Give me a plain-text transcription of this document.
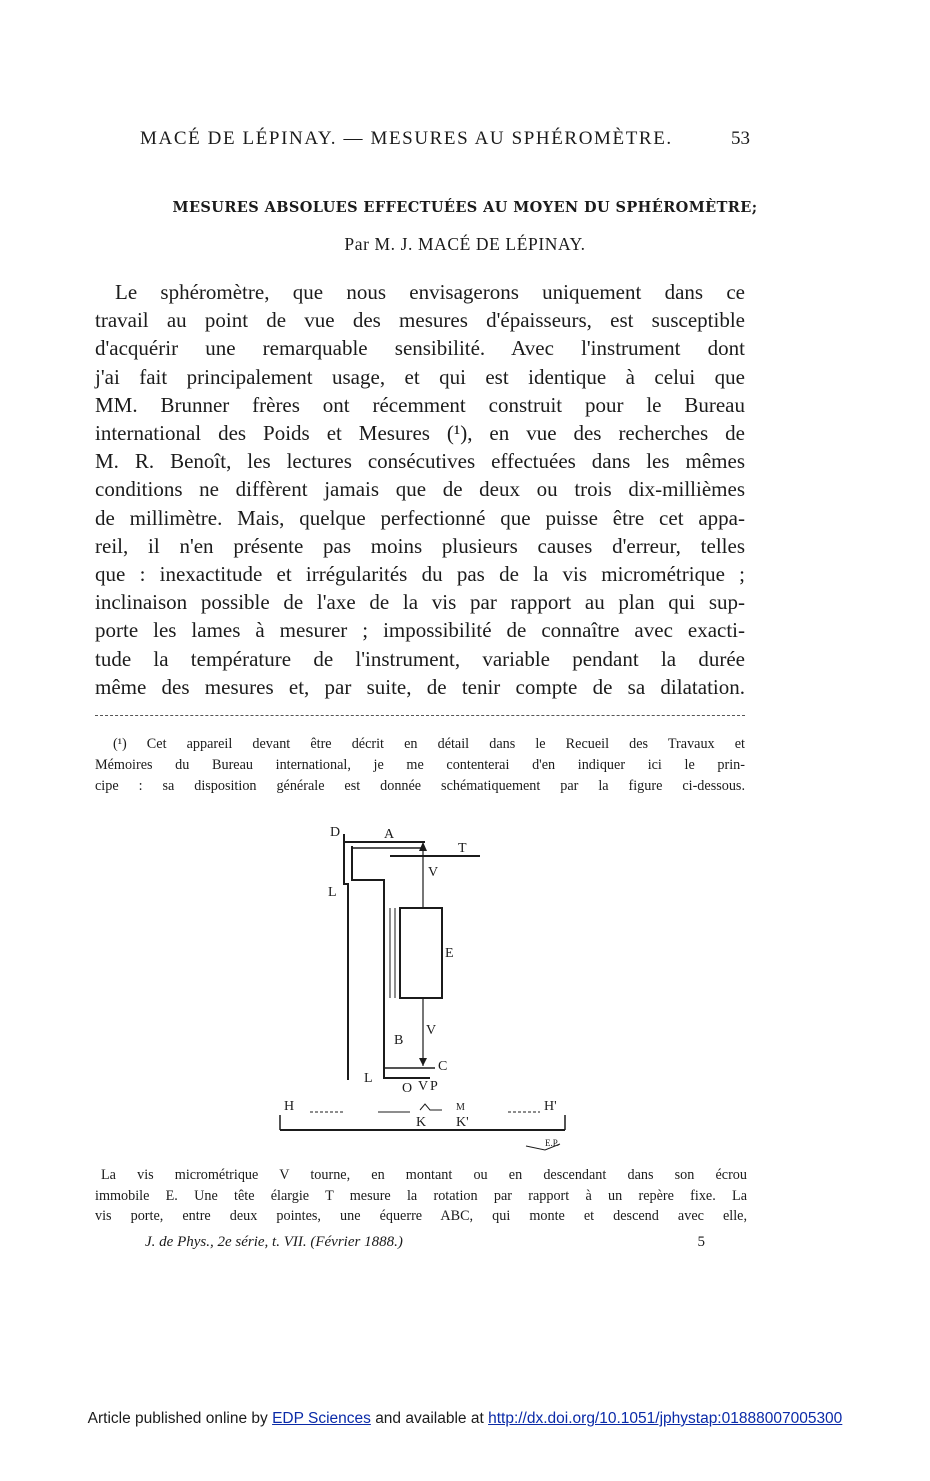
MACÉ DE LÉPINAY. — MESURES AU SPHÉROMÈTRE.	53
MESURES ABSOLUES EFFECTUÉES AU MOYEN DU SPHÉROMÈTRE;
Par M. J. MACÉ DE LÉPINAY.
Le sphéromètre, que nous envisagerons uniquement dans ce
travail au point de vue des mesures d'épaisseurs, est susceptible
d'acquérir une remarquable sensibilité. Avec l'instrument dont
j'ai fait principalement usage, et qui est identique à celui que
MM. Brunner frères ont récemment construit pour le Bureau
international des Poids et Mesures (¹), en vue des recherches de
M. R. Benoît, les lectures consécutives effectuées dans les mêmes
conditions ne diffèrent jamais que de deux ou trois dix-millièmes
de millimètre. Mais, quelque perfectionné que puisse être cet appa-
reil, il n'en présente pas moins plusieurs causes d'erreur, telles
que : inexactitude et irrégularités du pas de la vis micrométrique ;
inclinaison possible de l'axe de la vis par rapport au plan qui sup-
porte les lames à mesurer ; impossibilité de connaître avec exacti-
tude la température de l'instrument, variable pendant la durée
même des mesures et, par suite, de tenir compte de sa dilatation.
(¹) Cet appareil devant être décrit en détail dans le Recueil des Travaux et
Mémoires du Bureau international, je me contenterai d'en indiquer ici le prin-
cipe : sa disposition générale est donnée schématiquement par la figure ci-dessous.
D	A
T
V
L
E
V
B
C
L
O V P
H	H'
K K'
M
E.P.
La vis micrométrique V tourne, en montant ou en descendant dans son écrou
immobile E. Une tête élargie T mesure la rotation par rapport à un repère fixe. La
vis porte, entre deux pointes, une équerre ABC, qui monte et descend avec elle,
J. de Phys., 2e série, t. VII. (Février 1888.)	5
Article published online by EDP Sciences and available at http://dx.doi.org/10.1051/jphystap:01888007005300
